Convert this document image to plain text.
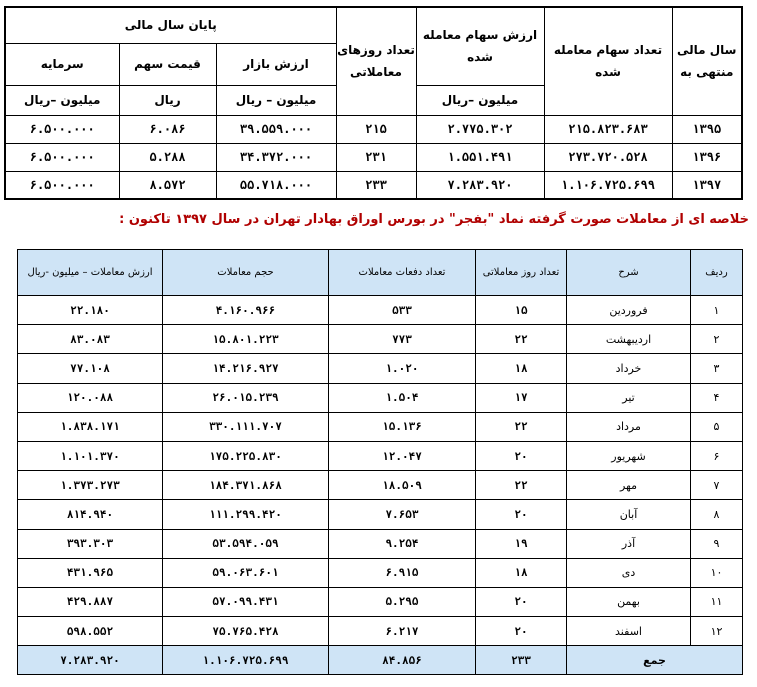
سال مالی منتهی به	تعداد سهام معامله شده	ارزش سهام معامله شده	تعداد روزهای معاملاتی	پایان سال مالی		
				ارزش بازار	قیمت سهم	سرمایه
		میلیون –ریال		میلیون – ریال	ریال	میلیون –ریال
۱۳۹۵	۲۱۵.۸۲۳.۶۸۳	۲.۷۷۵.۳۰۲	۲۱۵	۳۹.۵۵۹.۰۰۰	۶.۰۸۶	۶.۵۰۰.۰۰۰
۱۳۹۶	۲۷۳.۷۲۰.۵۲۸	۱.۵۵۱.۴۹۱	۲۳۱	۳۴.۳۷۲.۰۰۰	۵.۲۸۸	۶.۵۰۰.۰۰۰
۱۳۹۷	۱.۱۰۶.۷۲۵.۶۹۹	۷.۲۸۳.۹۲۰	۲۳۳	۵۵.۷۱۸.۰۰۰	۸.۵۷۲	۶.۵۰۰.۰۰۰
خلاصه ای از معاملات صورت گرفته نماد "بفجر" در بورس اوراق بهادار تهران در سال ۱۳۹۷ تاکنون :
ردیف	شرح	تعداد روز معاملاتی	تعداد دفعات معاملات	حجم معاملات	ارزش معاملات – میلیون -ریال
۱	فروردین	۱۵	۵۳۳	۴.۱۶۰.۹۶۶	۲۲.۱۸۰
۲	اردیبهشت	۲۲	۷۷۳	۱۵.۸۰۱.۲۲۳	۸۳.۰۸۳
۳	خرداد	۱۸	۱.۰۲۰	۱۴.۲۱۶.۹۲۷	۷۷.۱۰۸
۴	تیر	۱۷	۱.۵۰۴	۲۶.۰۱۵.۲۳۹	۱۲۰.۰۸۸
۵	مرداد	۲۲	۱۵.۱۳۶	۳۳۰.۱۱۱.۷۰۷	۱.۸۳۸.۱۷۱
۶	شهریور	۲۰	۱۲.۰۴۷	۱۷۵.۲۲۵.۸۳۰	۱.۱۰۱.۳۷۰
۷	مهر	۲۲	۱۸.۵۰۹	۱۸۴.۳۷۱.۸۶۸	۱.۳۷۳.۲۷۳
۸	آبان	۲۰	۷.۶۵۳	۱۱۱.۲۹۹.۴۲۰	۸۱۴.۹۴۰
۹	آذر	۱۹	۹.۲۵۴	۵۳.۵۹۴.۰۵۹	۳۹۳.۳۰۳
۱۰	دی	۱۸	۶.۹۱۵	۵۹.۰۶۳.۶۰۱	۴۳۱.۹۶۵
۱۱	بهمن	۲۰	۵.۲۹۵	۵۷.۰۹۹.۴۳۱	۴۲۹.۸۸۷
۱۲	اسفند	۲۰	۶.۲۱۷	۷۵.۷۶۵.۴۲۸	۵۹۸.۵۵۲
جمع		۲۳۳	۸۴.۸۵۶	۱.۱۰۶.۷۲۵.۶۹۹	۷.۲۸۳.۹۲۰
